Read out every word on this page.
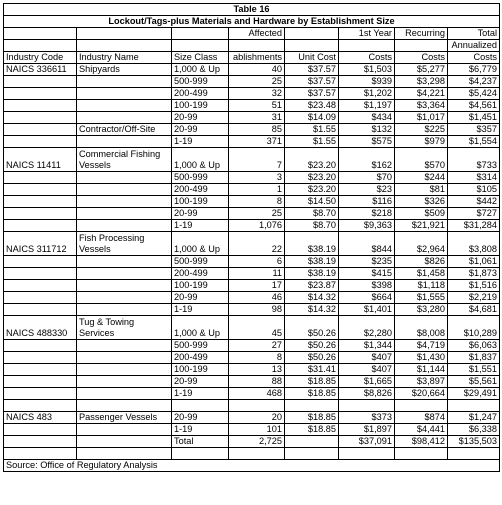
Table 16							
Lockout/Tags-plus Materials and Hardware by Establishment Size							
			Affected		1st Year	Recurring	Total
							Annualized
Industry Code	Industry Name	Size Class	ablishments	Unit Cost	Costs	Costs	Costs
NAICS 336611	Shipyards	1,000 & Up	40	$37.57	$1,503	$5,277	$6,779
		500-999	25	$37.57	$939	$3,298	$4,237
		200-499	32	$37.57	$1,202	$4,221	$5,424
		100-199	51	$23.48	$1,197	$3,364	$4,561
		20-99	31	$14.09	$434	$1,017	$1,451
	Contractor/Off-Site	20-99	85	$1.55	$132	$225	$357
		1-19	371	$1.55	$575	$979	$1,554
NAICS 11411	Commercial Fishing Vessels	1,000 & Up	7	$23.20	$162	$570	$733
		500-999	3	$23.20	$70	$244	$314
		200-499	1	$23.20	$23	$81	$105
		100-199	8	$14.50	$116	$326	$442
		20-99	25	$8.70	$218	$509	$727
		1-19	1,076	$8.70	$9,363	$21,921	$31,284
NAICS 311712	Fish Processing Vessels	1,000 & Up	22	$38.19	$844	$2,964	$3,808
		500-999	6	$38.19	$235	$826	$1,061
		200-499	11	$38.19	$415	$1,458	$1,873
		100-199	17	$23.87	$398	$1,118	$1,516
		20-99	46	$14.32	$664	$1,555	$2,219
		1-19	98	$14.32	$1,401	$3,280	$4,681
NAICS 488330	Tug & Towing Services	1,000 & Up	45	$50.26	$2,280	$8,008	$10,289
		500-999	27	$50.26	$1,344	$4,719	$6,063
		200-499	8	$50.26	$407	$1,430	$1,837
		100-199	13	$31.41	$407	$1,144	$1,551
		20-99	88	$18.85	$1,665	$3,897	$5,561
		1-19	468	$18.85	$8,826	$20,664	$29,491

NAICS 483	Passenger Vessels	20-99	20	$18.85	$373	$874	$1,247
		1-19	101	$18.85	$1,897	$4,441	$6,338
		Total	2,725		$37,091	$98,412	$135,503

Source: Office of Regulatory Analysis							
